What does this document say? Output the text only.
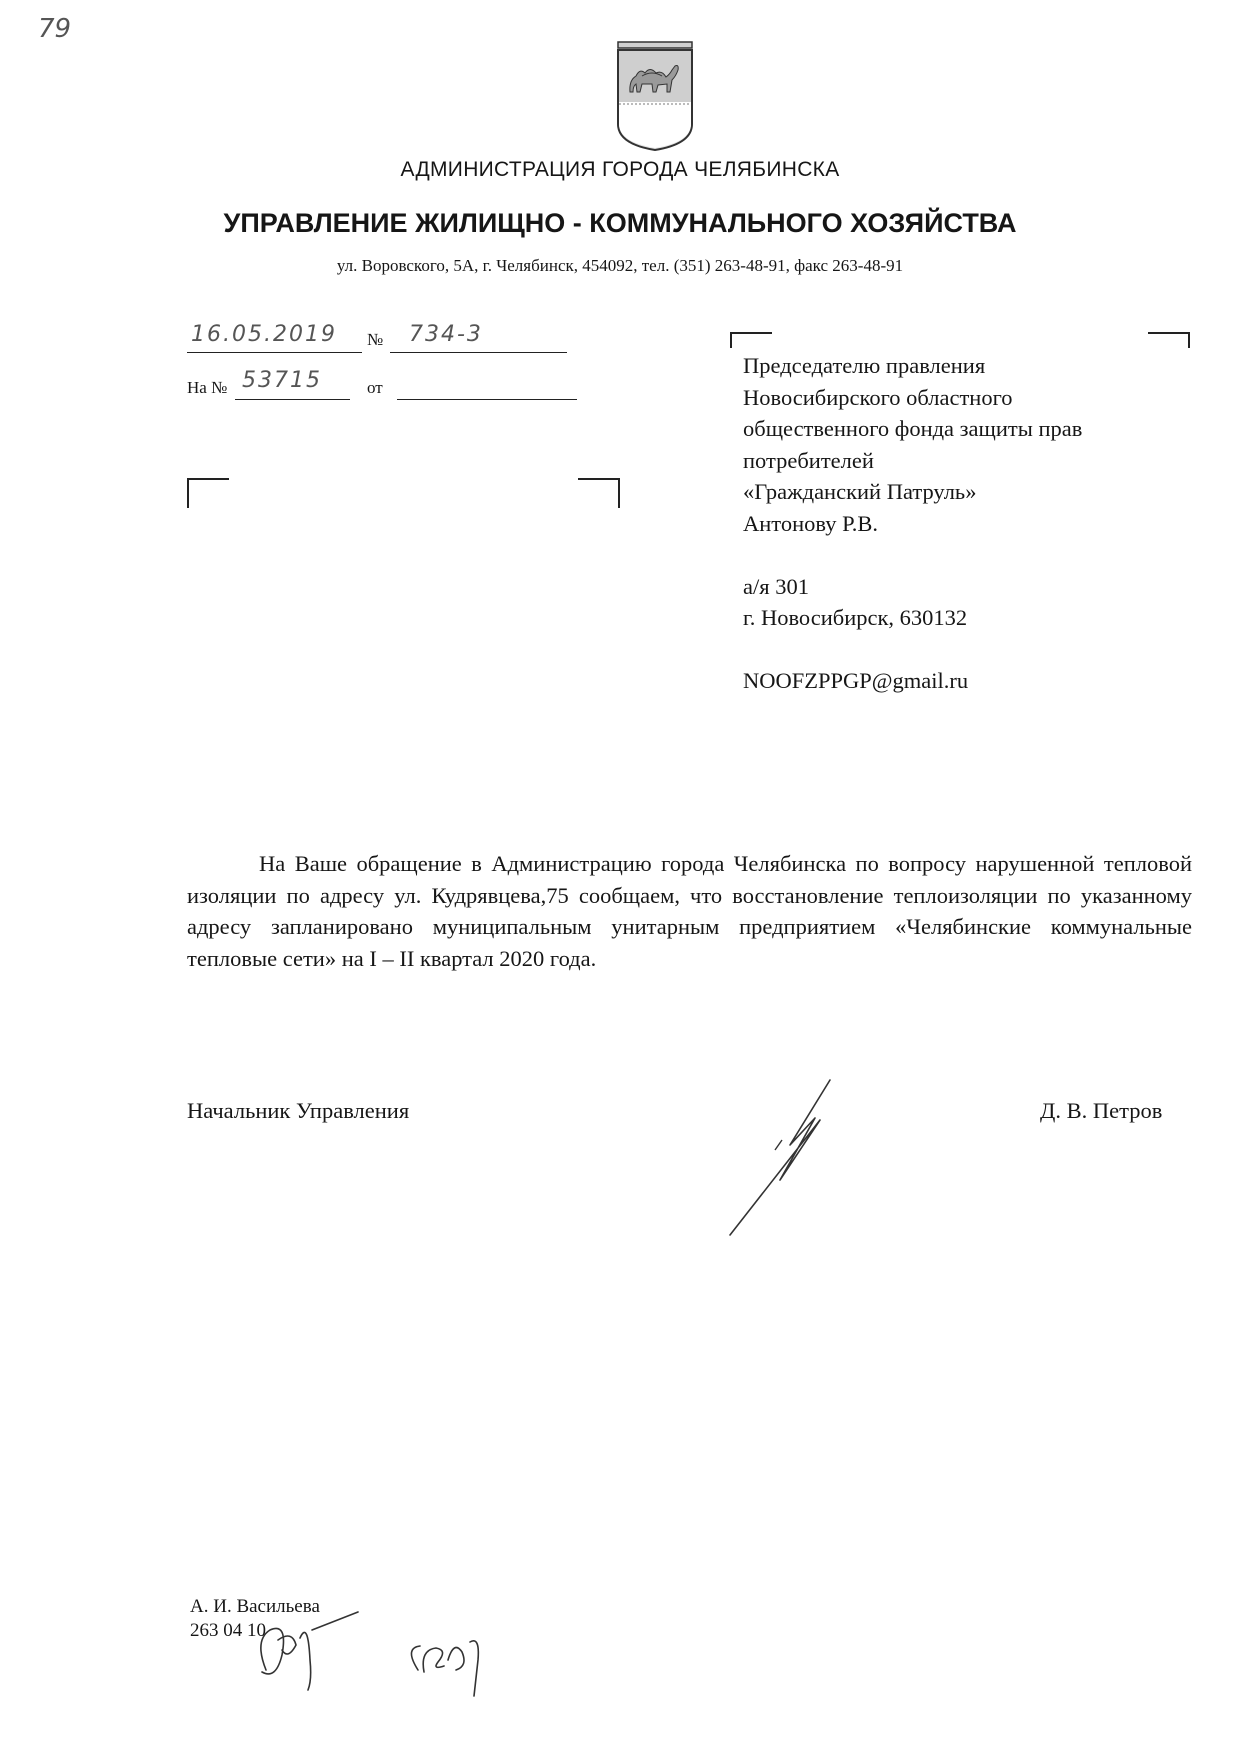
79
АДМИНИСТРАЦИЯ ГОРОДА ЧЕЛЯБИНСКА
УПРАВЛЕНИЕ ЖИЛИЩНО - КОММУНАЛЬНОГО ХОЗЯЙСТВА
ул. Воровского, 5А, г. Челябинск, 454092, тел. (351) 263-48-91, факс 263-48-91
16.05.2019 № 734-3
На № 53715	от
Председателю правления
Новосибирского областного
общественного фонда защиты прав
потребителей
«Гражданский Патруль»
Антонову Р.В.
а/я 301
г. Новосибирск, 630132
NOOFZPPGP@gmail.ru

На Ваше обращение в Администрацию города Челябинска по вопросу нарушенной тепловой изоляции по адресу ул. Кудрявцева,75 сообщаем, что восстановление теплоизоляции по указанному адресу запланировано муниципальным унитарным предприятием «Челябинские коммунальные тепловые сети» на I – II квартал 2020 года.

Начальник Управления	Д. В. Петров
А. И. Васильева
263 04 10
